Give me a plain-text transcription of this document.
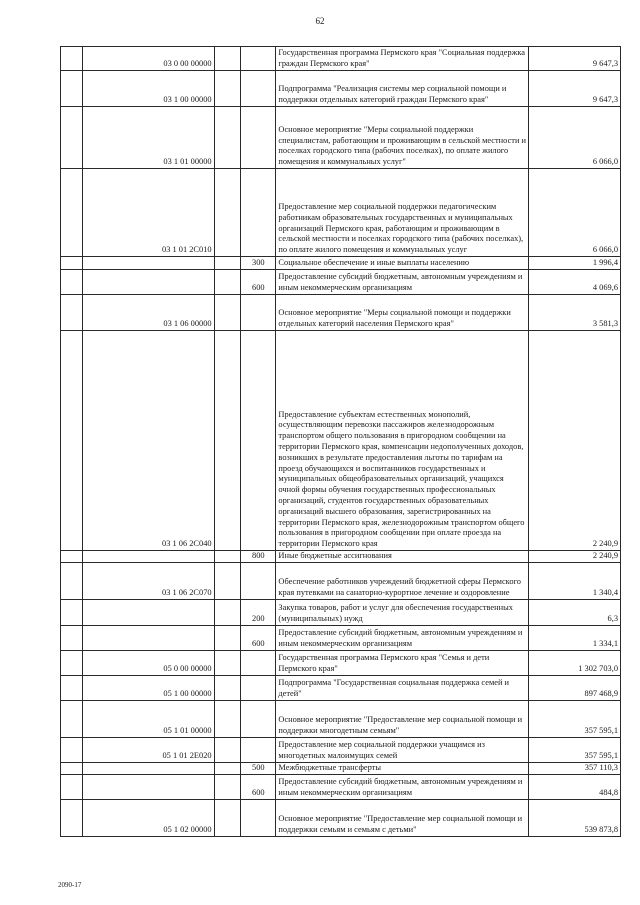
62
	03 0 00 00000			Государственная программа Пермского края "Социальная поддержка граждан Пермского края"	9 647,3
	03 1 00 00000			Подпрограмма "Реализация системы мер социальной помощи и поддержки отдельных категорий граждан Пермского края"	9 647,3
	03 1 01 00000			Основное мероприятие "Меры социальной поддержки специалистам, работающим и проживающим в сельской местности и поселках городского типа (рабочих поселках), по оплате жилого помещения и коммунальных услуг"	6 066,0
	03 1 01 2С010			Предоставление мер социальной поддержки педагогическим работникам образовательных государственных и муниципальных организаций Пермского края, работающим и проживающим в сельской местности и поселках городского типа (рабочих поселках), по оплате жилого помещения и коммунальных услуг	6 066,0
			300	Социальное обеспечение и иные выплаты населению	1 996,4
			600	Предоставление субсидий бюджетным, автономным учреждениям и иным некоммерческим организациям	4 069,6
	03 1 06 00000			Основное мероприятие "Меры социальной помощи и поддержки отдельных категорий населения Пермского края"	3 581,3
	03 1 06 2С040			Предоставление субъектам естественных монополий, осуществляющим перевозки пассажиров железнодорожным транспортом общего пользования в пригородном сообщении на территории Пермского края, компенсации недополученных доходов, возникших в результате предоставления льготы по тарифам на проезд обучающихся и воспитанников государственных и муниципальных общеобразовательных организаций, учащихся очной формы обучения государственных профессиональных организаций, студентов государственных образовательных организаций высшего образования, зарегистрированных на территории Пермского края, железнодорожным транспортом общего пользования в пригородном сообщении при оплате проезда на территории Пермского края	2 240,9
			800	Иные бюджетные ассигнования	2 240,9
	03 1 06 2С070			Обеспечение работников учреждений бюджетной сферы Пермского края путевками на санаторно-курортное лечение и оздоровление	1 340,4
			200	Закупка товаров, работ и услуг для обеспечения государственных (муниципальных) нужд	6,3
			600	Предоставление субсидий бюджетным, автономным учреждениям и иным некоммерческим организациям	1 334,1
	05 0 00 00000			Государственная программа Пермского края "Семья и дети Пермского края"	1 302 703,0
	05 1 00 00000			Подпрограмма "Государственная социальная поддержка семей и детей"	897 468,9
	05 1 01 00000			Основное мероприятие "Предоставление мер социальной помощи и поддержки многодетным семьям"	357 595,1
	05 1 01 2Е020			Предоставление мер социальной поддержки учащимся из многодетных малоимущих семей	357 595,1
			500	Межбюджетные трансферты	357 110,3
			600	Предоставление субсидий бюджетным, автономным учреждениям и иным некоммерческим организациям	484,8
	05 1 02 00000			Основное мероприятие "Предоставление мер социальной помощи и поддержки семьям и семьям с детьми"	539 873,8
2090-17
